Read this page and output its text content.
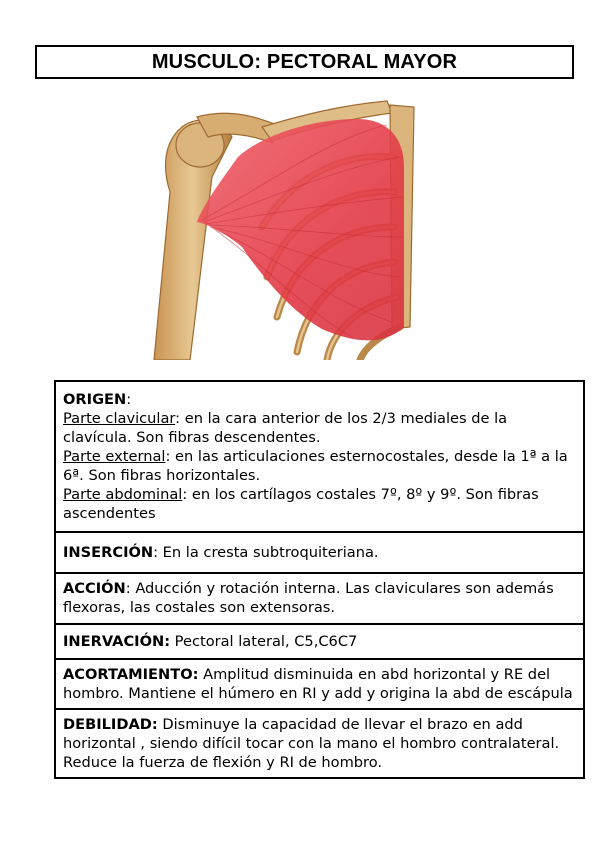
MUSCULO: PECTORAL MAYOR
ORIGEN:
Parte clavicular: en la cara anterior de los 2/3 mediales de la clavícula. Son fibras descendentes.
Parte external: en las articulaciones esternocostales, desde la 1ª a la 6ª. Son fibras horizontales.
Parte abdominal: en los cartílagos costales 7º, 8º y 9º. Son fibras ascendentes
INSERCIÓN: En la cresta subtroquiteriana.
ACCIÓN: Aducción y rotación interna. Las claviculares son además flexoras, las costales son extensoras.
INERVACIÓN: Pectoral lateral, C5,C6C7
ACORTAMIENTO: Amplitud disminuida en abd horizontal y RE del hombro. Mantiene el húmero en RI y add y origina la abd de escápula
DEBILIDAD: Disminuye la capacidad de llevar el brazo en add horizontal , siendo difícil tocar con la mano el hombro contralateral. Reduce la fuerza de flexión y RI de hombro.
